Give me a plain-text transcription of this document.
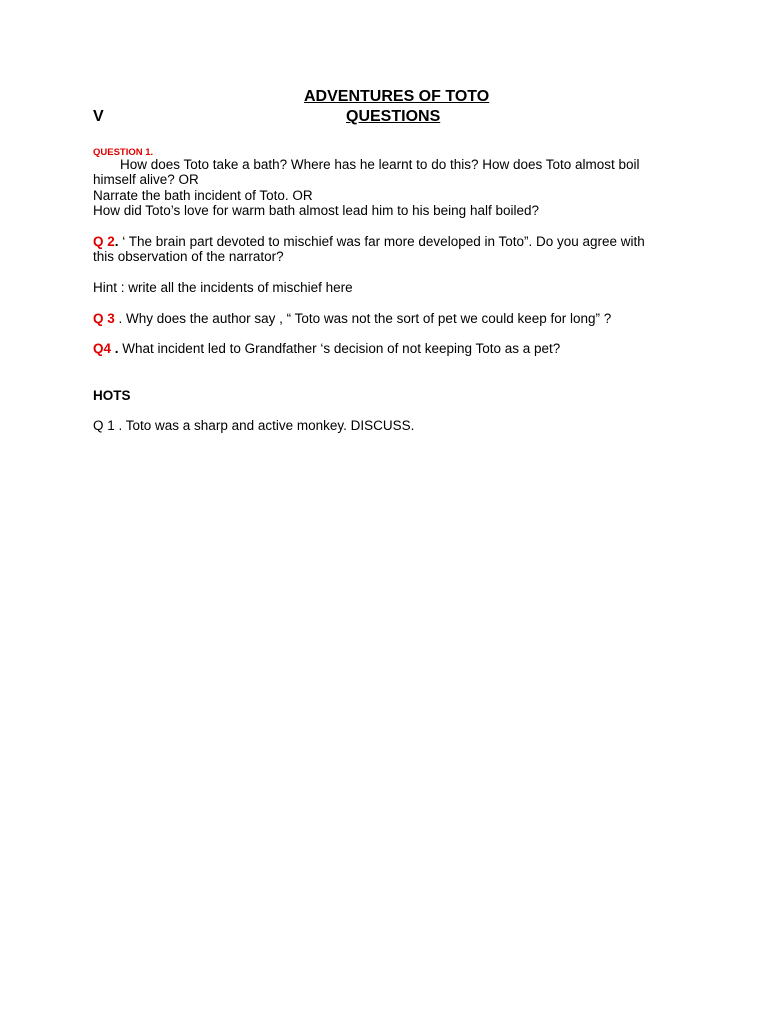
ADVENTURES OF TOTO
V	QUESTIONS
QUESTION 1.
How does Toto take a bath? Where has he learnt to do this? How does Toto almost boil
himself alive? OR
Narrate the bath incident of Toto. OR
How did Toto’s love for warm bath almost lead him to his being half boiled?
Q 2. ‘ The brain part devoted to mischief was far more developed in Toto”. Do you agree with
this observation of the narrator?
Hint : write all the incidents of mischief here
Q 3 . Why does the author say , “ Toto was not the sort of pet we could keep for long” ?
Q4 . What incident led to Grandfather ‘s decision of not keeping Toto as a pet?
HOTS
Q 1 . Toto was a sharp and active monkey. DISCUSS.
